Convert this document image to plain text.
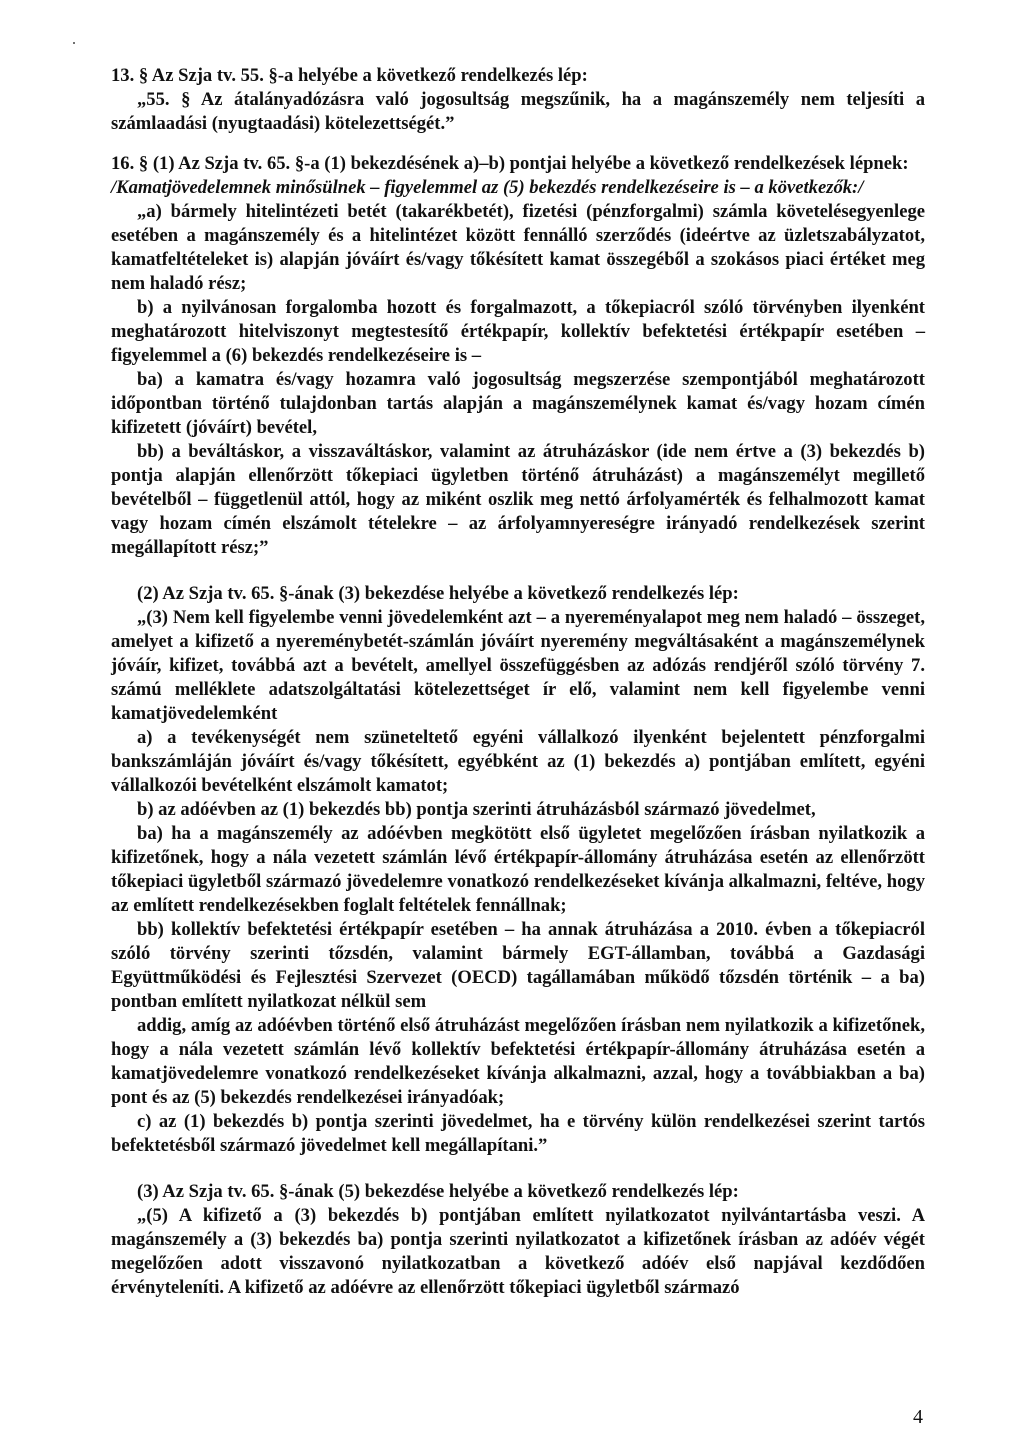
13. § Az Szja tv. 55. §-a helyébe a következő rendelkezés lép:

„55. § Az átalányadózásra való jogosultság megszűnik, ha a magánszemély nem teljesíti a számlaadási (nyugtaadási) kötelezettségét.”

16. § (1) Az Szja tv. 65. §-a (1) bekezdésének a)–b) pontjai helyébe a következő rendelkezések lépnek:

/Kamatjövedelemnek minősülnek – figyelemmel az (5) bekezdés rendelkezéseire is – a következők:/

„a) bármely hitelintézeti betét (takarékbetét), fizetési (pénzforgalmi) számla követelésegyenlege esetében a magánszemély és a hitelintézet között fennálló szerződés (ideértve az üzletszabályzatot, kamatfeltételeket is) alapján jóváírt és/vagy tőkésített kamat összegéből a szokásos piaci értéket meg nem haladó rész;

b) a nyilvánosan forgalomba hozott és forgalmazott, a tőkepiacról szóló törvényben ilyenként meghatározott hitelviszonyt megtestesítő értékpapír, kollektív befektetési értékpapír esetében – figyelemmel a (6) bekezdés rendelkezéseire is –

ba) a kamatra és/vagy hozamra való jogosultság megszerzése szempontjából meghatározott időpontban történő tulajdonban tartás alapján a magánszemélynek kamat és/vagy hozam címén kifizetett (jóváírt) bevétel,

bb) a beváltáskor, a visszaváltáskor, valamint az átruházáskor (ide nem értve a (3) bekezdés b) pontja alapján ellenőrzött tőkepiaci ügyletben történő átruházást) a magánszemélyt megillető bevételből – függetlenül attól, hogy az miként oszlik meg nettó árfolyamérték és felhalmozott kamat vagy hozam címén elszámolt tételekre – az árfolyamnyereségre irányadó rendelkezések szerint megállapított rész;”

(2) Az Szja tv. 65. §-ának (3) bekezdése helyébe a következő rendelkezés lép:

„(3) Nem kell figyelembe venni jövedelemként azt – a nyereményalapot meg nem haladó – összeget, amelyet a kifizető a nyereménybetét-számlán jóváírt nyeremény megváltásaként a magánszemélynek jóváír, kifizet, továbbá azt a bevételt, amellyel összefüggésben az adózás rendjéről szóló törvény 7. számú melléklete adatszolgáltatási kötelezettséget ír elő, valamint nem kell figyelembe venni kamatjövedelemként

a) a tevékenységét nem szüneteltető egyéni vállalkozó ilyenként bejelentett pénzforgalmi bankszámláján jóváírt és/vagy tőkésített, egyébként az (1) bekezdés a) pontjában említett, egyéni vállalkozói bevételként elszámolt kamatot;

b) az adóévben az (1) bekezdés bb) pontja szerinti átruházásból származó jövedelmet,

ba) ha a magánszemély az adóévben megkötött első ügyletet megelőzően írásban nyilatkozik a kifizetőnek, hogy a nála vezetett számlán lévő értékpapír-állomány átruházása esetén az ellenőrzött tőkepiaci ügyletből származó jövedelemre vonatkozó rendelkezéseket kívánja alkalmazni, feltéve, hogy az említett rendelkezésekben foglalt feltételek fennállnak;

bb) kollektív befektetési értékpapír esetében – ha annak átruházása a 2010. évben a tőkepiacról szóló törvény szerinti tőzsdén, valamint bármely EGT-államban, továbbá a Gazdasági Együttműködési és Fejlesztési Szervezet (OECD) tagállamában működő tőzsdén történik – a ba) pontban említett nyilatkozat nélkül sem

addig, amíg az adóévben történő első átruházást megelőzően írásban nem nyilatkozik a kifizetőnek, hogy a nála vezetett számlán lévő kollektív befektetési értékpapír-állomány átruházása esetén a kamatjövedelemre vonatkozó rendelkezéseket kívánja alkalmazni, azzal, hogy a továbbiakban a ba) pont és az (5) bekezdés rendelkezései irányadóak;

c) az (1) bekezdés b) pontja szerinti jövedelmet, ha e törvény külön rendelkezései szerint tartós befektetésből származó jövedelmet kell megállapítani.”

(3) Az Szja tv. 65. §-ának (5) bekezdése helyébe a következő rendelkezés lép:

„(5) A kifizető a (3) bekezdés b) pontjában említett nyilatkozatot nyilvántartásba veszi. A magánszemély a (3) bekezdés ba) pontja szerinti nyilatkozatot a kifizetőnek írásban az adóév végét megelőzően adott visszavonó nyilatkozatban a következő adóév első napjával kezdődően érvényteleníti. A kifizető az adóévre az ellenőrzött tőkepiaci ügyletből származó

4
